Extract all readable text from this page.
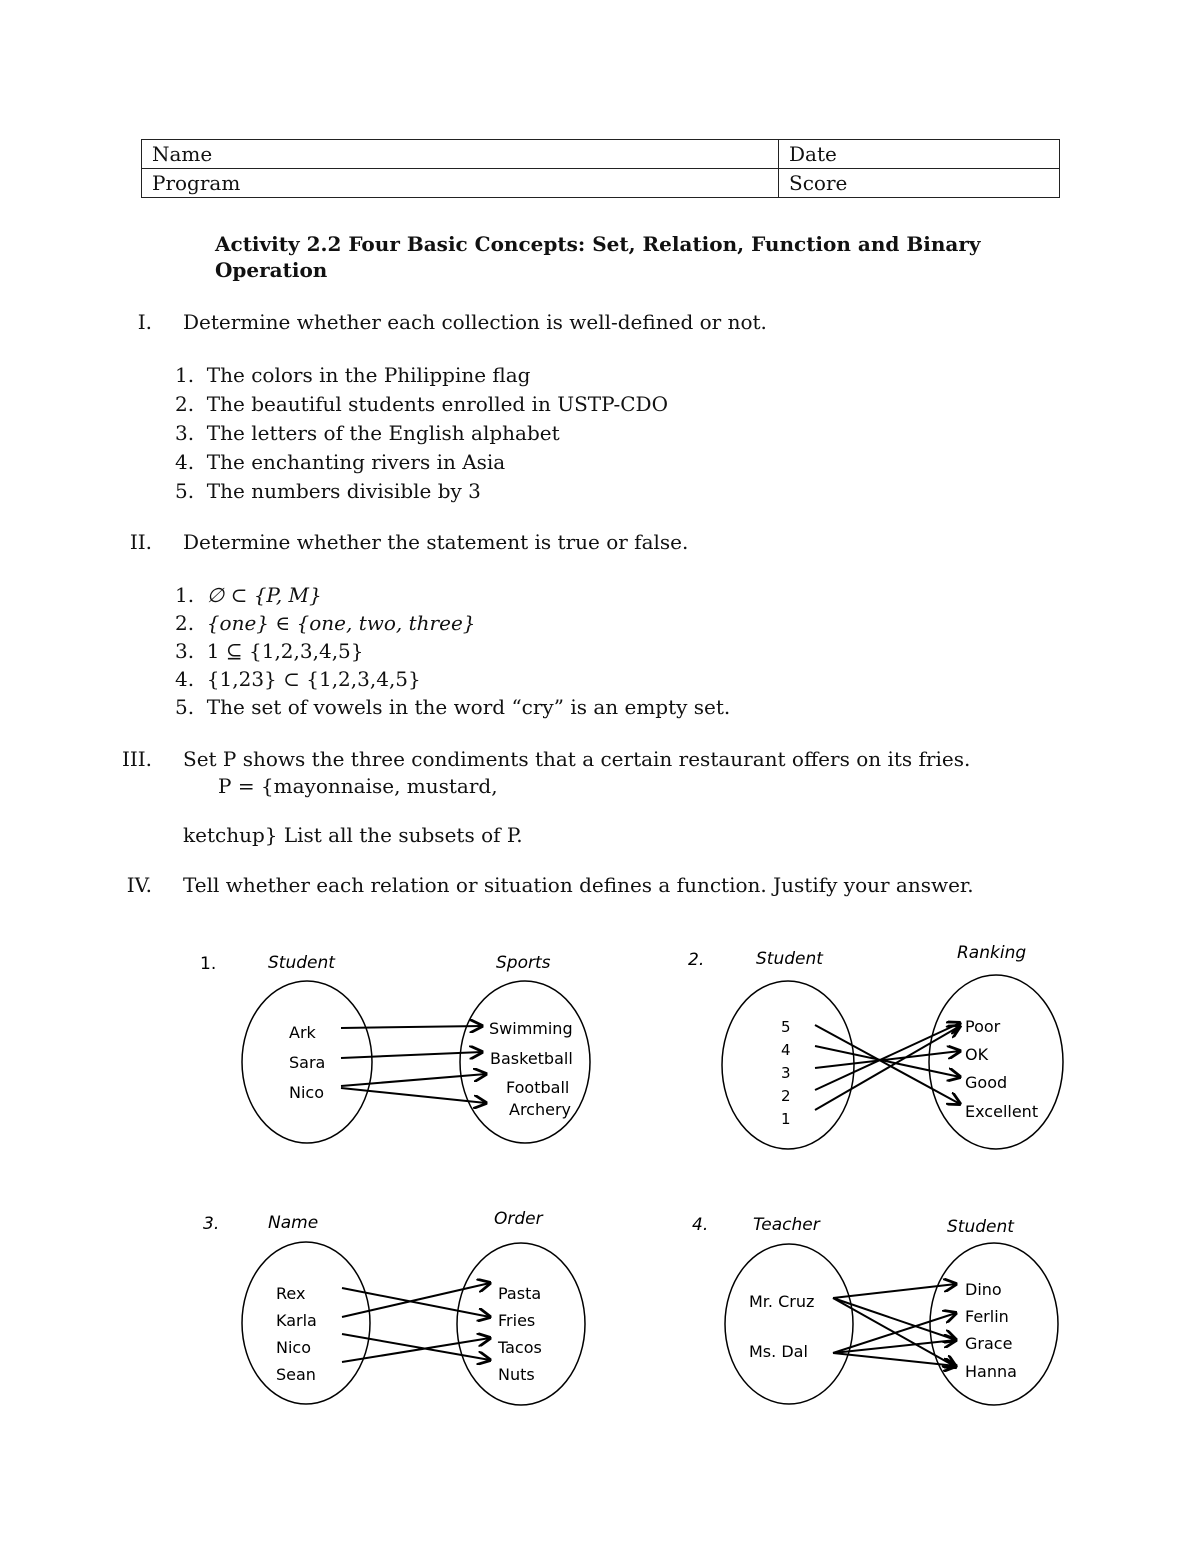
Name	Date
Program	Score
Activity 2.2 Four Basic Concepts: Set, Relation, Function and Binary Operation
I. Determine whether each collection is well-defined or not.
1.  The colors in the Philippine flag
2.  The beautiful students enrolled in USTP-CDO
3.  The letters of the English alphabet
4.  The enchanting rivers in Asia
5.  The numbers divisible by 3
II. Determine whether the statement is true or false.
1.  ∅ ⊂ {P, M}
2.  {one} ∈ {one, two, three}
3.  1 ⊆ {1,2,3,4,5}
4.  {1,23} ⊂ {1,2,3,4,5}
5.  The set of vowels in the word “cry” is an empty set.
III. Set P shows the three condiments that a certain restaurant offers on its fries.
P = {mayonnaise, mustard,
ketchup} List all the subsets of P.
IV. Tell whether each relation or situation defines a function. Justify your answer.
1.	Student	Sports
Ark
Sara
Nico
Swimming
Basketball
Football
Archery
2.	Student	Ranking
5
4
3
2
1
Poor
OK
Good
Excellent
3.	Name	Order
Rex
Karla
Nico
Sean
Pasta
Fries
Tacos
Nuts
4.	Teacher	Student
Mr. Cruz
Ms. Dal
Dino
Ferlin
Grace
Hanna
